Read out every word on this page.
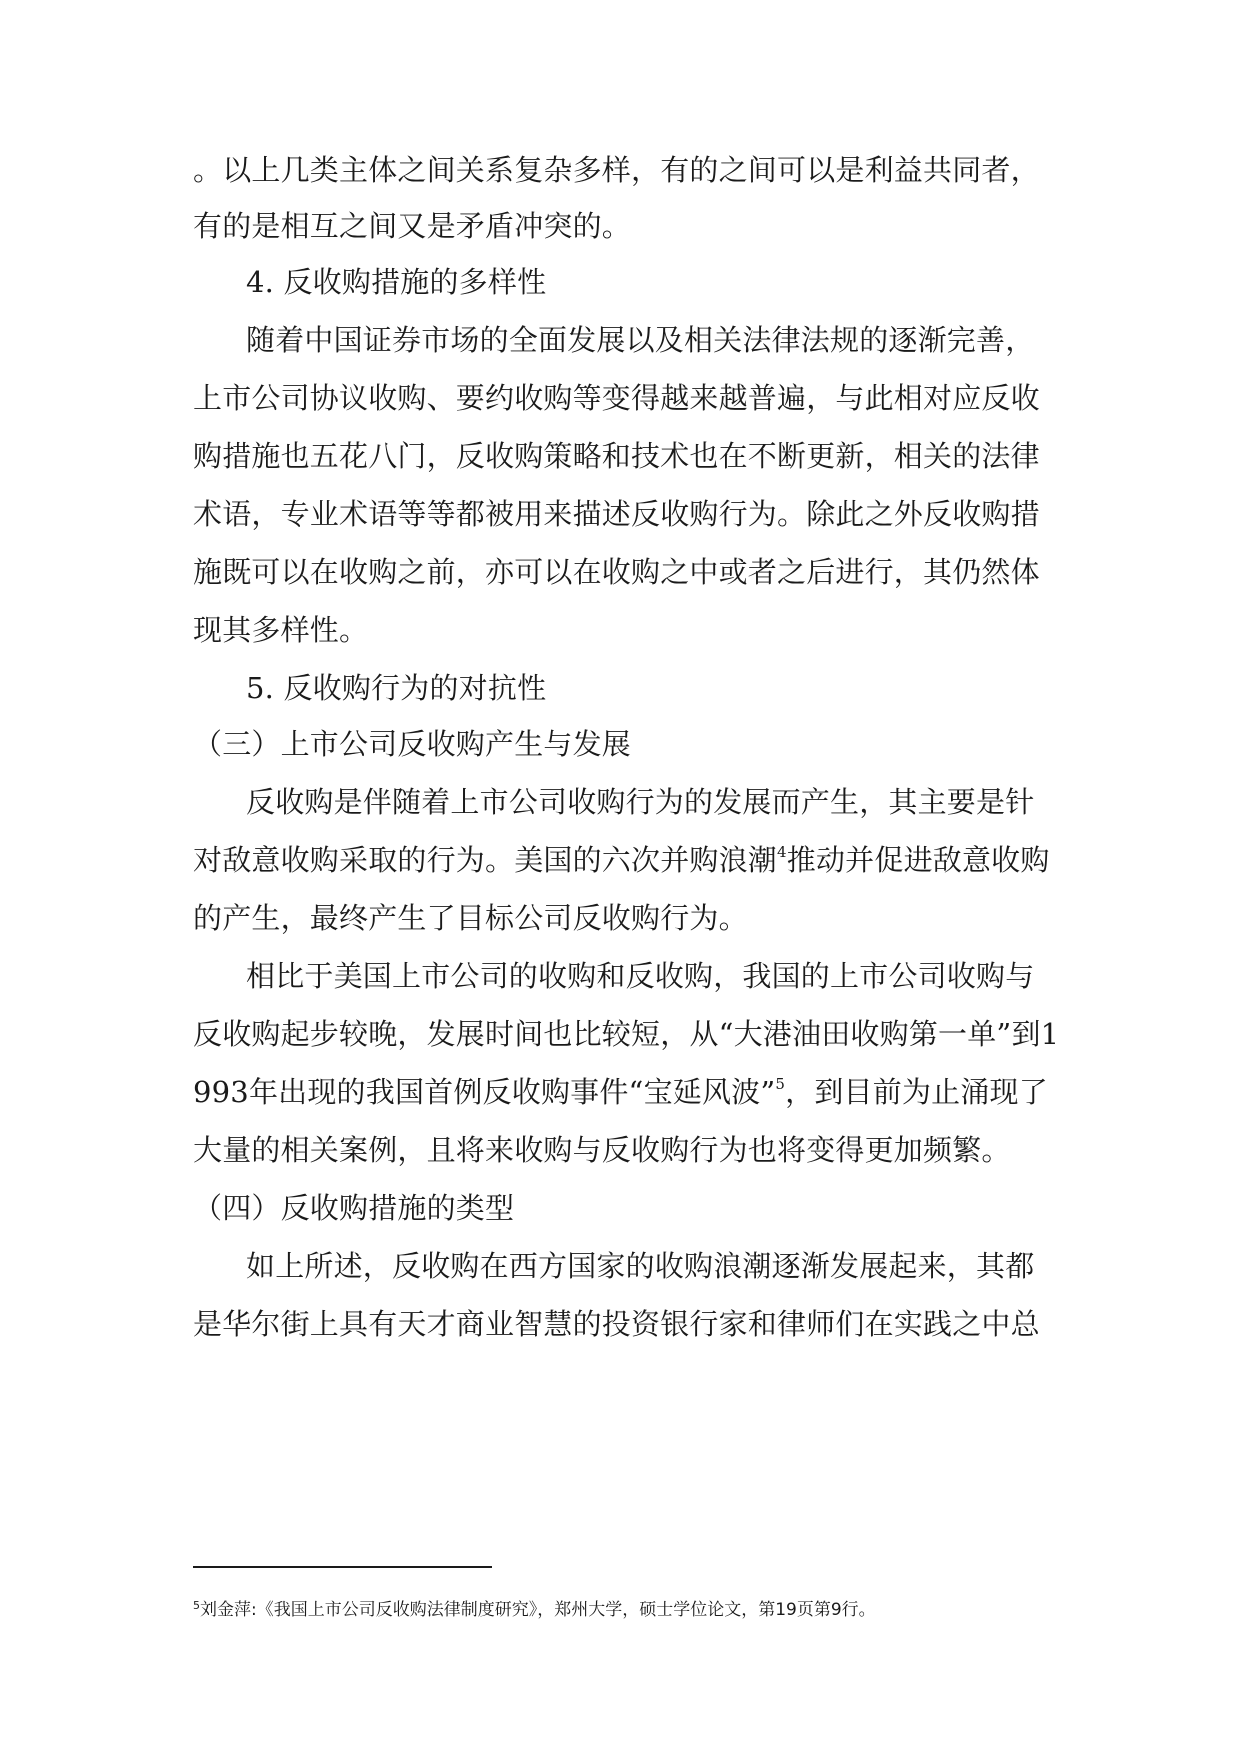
。以上几类主体之间关系复杂多样，有的之间可以是利益共同者，
有的是相互之间又是矛盾冲突的。
4. 反收购措施的多样性
随着中国证券市场的全面发展以及相关法律法规的逐渐完善，
上市公司协议收购、要约收购等变得越来越普遍，与此相对应反收
购措施也五花八门，反收购策略和技术也在不断更新，相关的法律
术语，专业术语等等都被用来描述反收购行为。除此之外反收购措
施既可以在收购之前，亦可以在收购之中或者之后进行，其仍然体
现其多样性。
5. 反收购行为的对抗性
（三）上市公司反收购产生与发展
反收购是伴随着上市公司收购行为的发展而产生，其主要是针
对敌意收购采取的行为。美国的六次并购浪潮$^4$推动并促进敌意收购
的产生，最终产生了目标公司反收购行为。
相比于美国上市公司的收购和反收购，我国的上市公司收购与
反收购起步较晚，发展时间也比较短，从“大港油田收购第一单”到1
993年出现的我国首例反收购事件“宝延风波”$^5$，到目前为止涌现了
大量的相关案例，且将来收购与反收购行为也将变得更加频繁。
（四）反收购措施的类型
如上所述，反收购在西方国家的收购浪潮逐渐发展起来，其都
是华尔街上具有天才商业智慧的投资银行家和律师们在实践之中总
$^5$刘金萍:《我国上市公司反收购法律制度研究》，郑州大学，硕士学位论文，第19页第9行。
